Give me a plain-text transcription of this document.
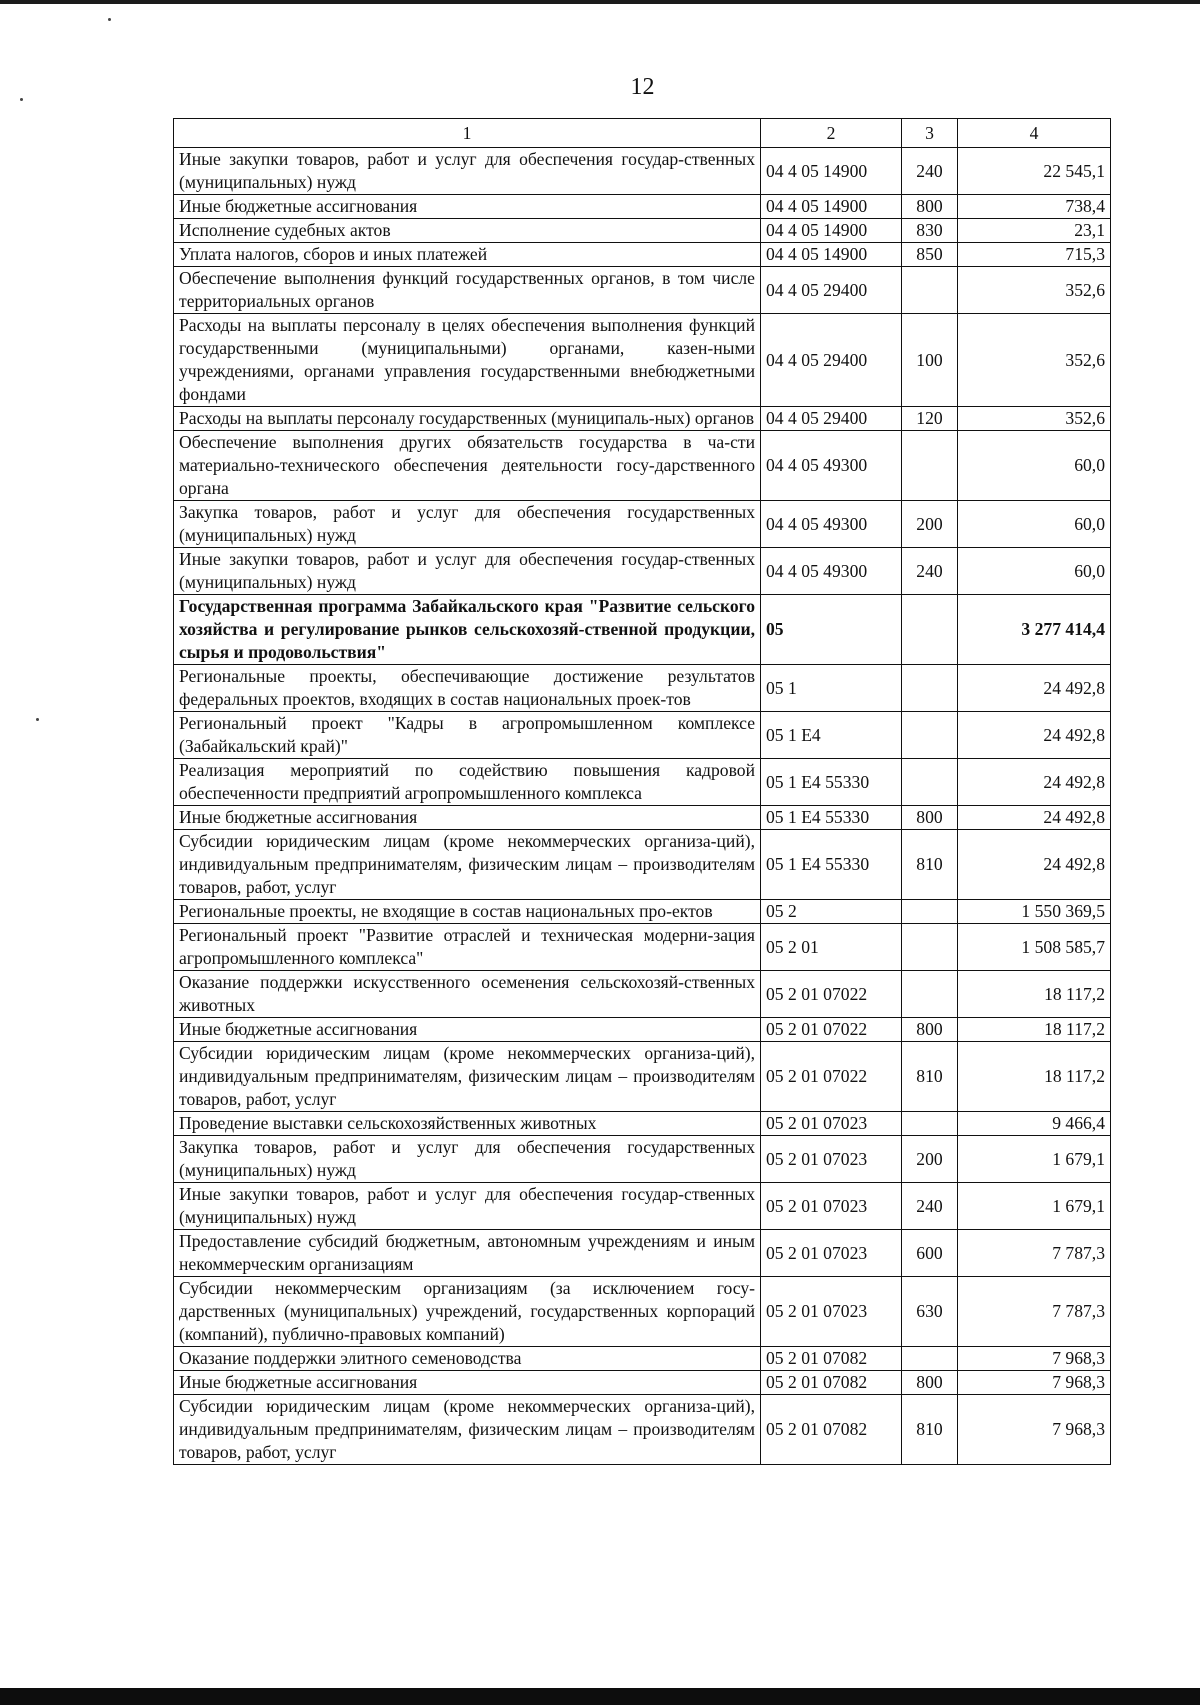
12
1	2	3	4
Иные закупки товаров, работ и услуг для обеспечения государ-ственных (муниципальных) нужд	04 4 05 14900	240	22 545,1
Иные бюджетные ассигнования	04 4 05 14900	800	738,4
Исполнение судебных актов	04 4 05 14900	830	23,1
Уплата налогов, сборов и иных платежей	04 4 05 14900	850	715,3
Обеспечение выполнения функций государственных органов, в том числе территориальных органов	04 4 05 29400		352,6
Расходы на выплаты персоналу в целях обеспечения выполнения функций государственными (муниципальными) органами, казен-ными учреждениями, органами управления государственными внебюджетными фондами	04 4 05 29400	100	352,6
Расходы на выплаты персоналу государственных (муниципаль-ных) органов	04 4 05 29400	120	352,6
Обеспечение выполнения других обязательств государства в ча-сти материально-технического обеспечения деятельности госу-дарственного органа	04 4 05 49300		60,0
Закупка товаров, работ и услуг для обеспечения государственных (муниципальных) нужд	04 4 05 49300	200	60,0
Иные закупки товаров, работ и услуг для обеспечения государ-ственных (муниципальных) нужд	04 4 05 49300	240	60,0
Государственная программа Забайкальского края "Развитие сельского хозяйства и регулирование рынков сельскохозяй-ственной продукции, сырья и продовольствия"	05		3 277 414,4
Региональные проекты, обеспечивающие достижение результатов федеральных проектов, входящих в состав национальных проек-тов	05 1		24 492,8
Региональный проект "Кадры в агропромышленном комплексе (Забайкальский край)"	05 1 E4		24 492,8
Реализация мероприятий по содействию повышения кадровой обеспеченности предприятий агропромышленного комплекса	05 1 E4 55330		24 492,8
Иные бюджетные ассигнования	05 1 E4 55330	800	24 492,8
Субсидии юридическим лицам (кроме некоммерческих организа-ций), индивидуальным предпринимателям, физическим лицам – производителям товаров, работ, услуг	05 1 E4 55330	810	24 492,8
Региональные проекты, не входящие в состав национальных про-ектов	05 2		1 550 369,5
Региональный проект "Развитие отраслей и техническая модерни-зация агропромышленного комплекса"	05 2 01		1 508 585,7
Оказание поддержки искусственного осеменения сельскохозяй-ственных животных	05 2 01 07022		18 117,2
Иные бюджетные ассигнования	05 2 01 07022	800	18 117,2
Субсидии юридическим лицам (кроме некоммерческих организа-ций), индивидуальным предпринимателям, физическим лицам – производителям товаров, работ, услуг	05 2 01 07022	810	18 117,2
Проведение выставки сельскохозяйственных животных	05 2 01 07023		9 466,4
Закупка товаров, работ и услуг для обеспечения государственных (муниципальных) нужд	05 2 01 07023	200	1 679,1
Иные закупки товаров, работ и услуг для обеспечения государ-ственных (муниципальных) нужд	05 2 01 07023	240	1 679,1
Предоставление субсидий бюджетным, автономным учреждениям и иным некоммерческим организациям	05 2 01 07023	600	7 787,3
Субсидии некоммерческим организациям (за исключением госу-дарственных (муниципальных) учреждений, государственных корпораций (компаний), публично-правовых компаний)	05 2 01 07023	630	7 787,3
Оказание поддержки элитного семеноводства	05 2 01 07082		7 968,3
Иные бюджетные ассигнования	05 2 01 07082	800	7 968,3
Субсидии юридическим лицам (кроме некоммерческих организа-ций), индивидуальным предпринимателям, физическим лицам – производителям товаров, работ, услуг	05 2 01 07082	810	7 968,3
